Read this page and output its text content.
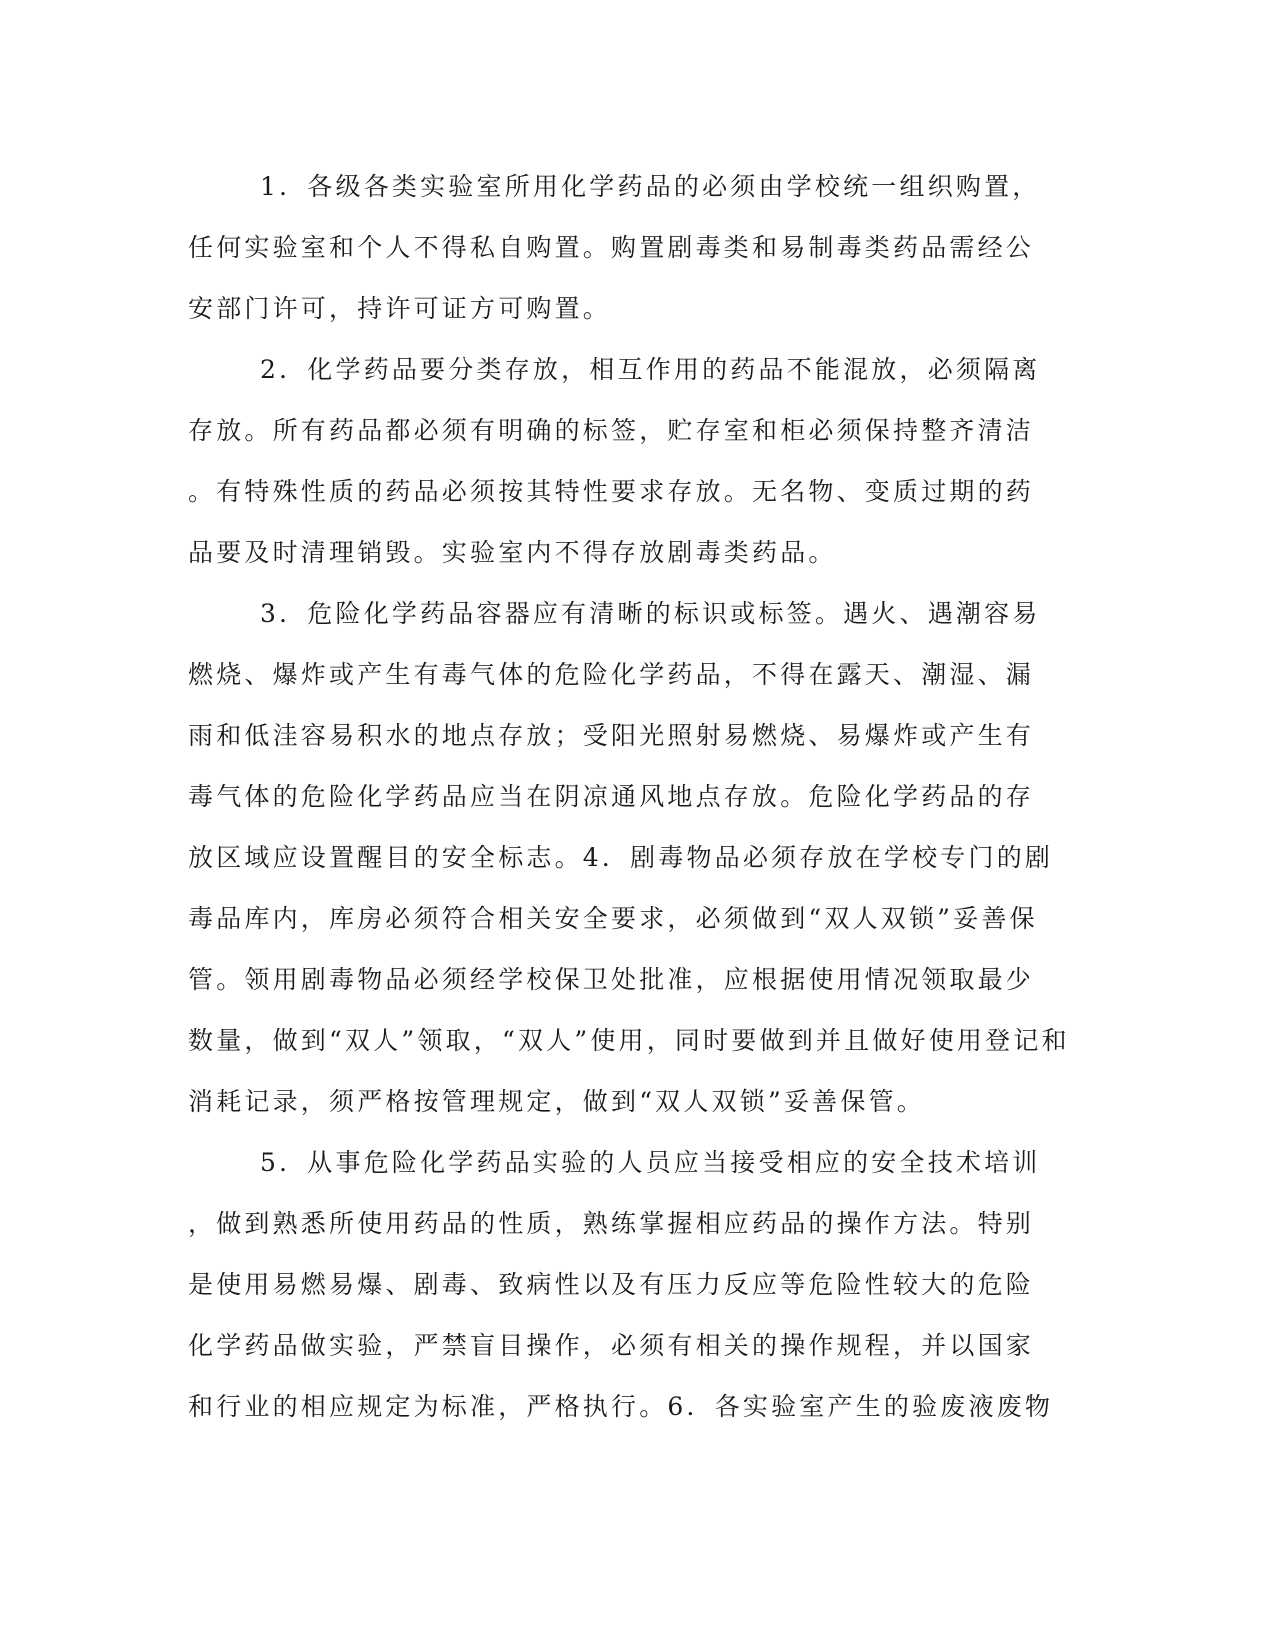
1．各级各类实验室所用化学药品的必须由学校统一组织购置，
任何实验室和个人不得私自购置。购置剧毒类和易制毒类药品需经公
安部门许可，持许可证方可购置。
2．化学药品要分类存放，相互作用的药品不能混放，必须隔离
存放。所有药品都必须有明确的标签，贮存室和柜必须保持整齐清洁
。有特殊性质的药品必须按其特性要求存放。无名物、变质过期的药
品要及时清理销毁。实验室内不得存放剧毒类药品。
3．危险化学药品容器应有清晰的标识或标签。遇火、遇潮容易
燃烧、爆炸或产生有毒气体的危险化学药品，不得在露天、潮湿、漏
雨和低洼容易积水的地点存放；受阳光照射易燃烧、易爆炸或产生有
毒气体的危险化学药品应当在阴凉通风地点存放。危险化学药品的存
放区域应设置醒目的安全标志。4．剧毒物品必须存放在学校专门的剧
毒品库内，库房必须符合相关安全要求，必须做到“双人双锁”妥善保
管。领用剧毒物品必须经学校保卫处批准，应根据使用情况领取最少
数量，做到“双人”领取，“双人”使用，同时要做到并且做好使用登记和
消耗记录，须严格按管理规定，做到“双人双锁”妥善保管。
5．从事危险化学药品实验的人员应当接受相应的安全技术培训
，做到熟悉所使用药品的性质，熟练掌握相应药品的操作方法。特别
是使用易燃易爆、剧毒、致病性以及有压力反应等危险性较大的危险
化学药品做实验，严禁盲目操作，必须有相关的操作规程，并以国家
和行业的相应规定为标准，严格执行。6．各实验室产生的验废液废物
